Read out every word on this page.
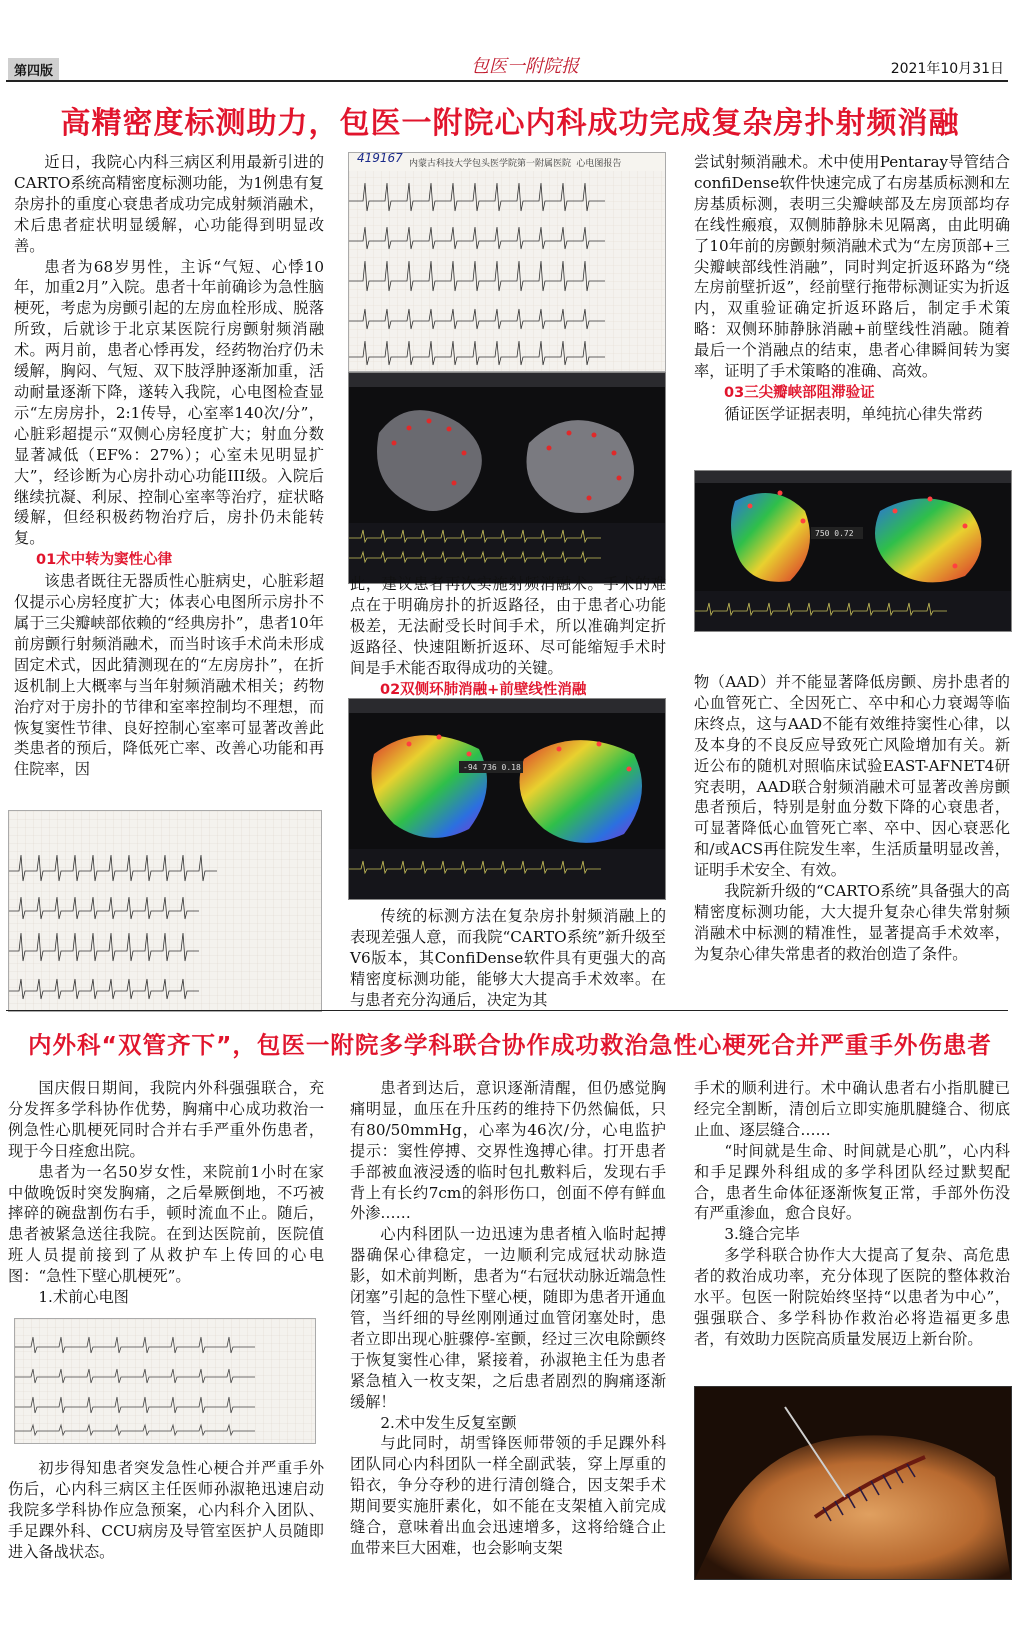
第四版	包医一附院报	2021年10月31日
高精密度标测助力，包医一附院心内科成功完成复杂房扑射频消融

近日，我院心内科三病区利用最新引进的CARTO系统高精密度标测功能，为1例患有复杂房扑的重度心衰患者成功完成射频消融术，术后患者症状明显缓解，心功能得到明显改善。

患者为68岁男性，主诉“气短、心悸10年，加重2月”入院。患者十年前确诊为急性脑梗死，考虑为房颤引起的左房血栓形成、脱落所致，后就诊于北京某医院行房颤射频消融术。两月前，患者心悸再发，经药物治疗仍未缓解，胸闷、气短、双下肢浮肿逐渐加重，活动耐量逐渐下降，遂转入我院，心电图检查显示“左房房扑，2:1传导，心室率140次/分”，心脏彩超提示“双侧心房轻度扩大；射血分数显著减低（EF%：27%）；心室未见明显扩大”，经诊断为心房扑动心功能III级。入院后继续抗凝、利尿、控制心室率等治疗，症状略缓解，但经积极药物治疗后，房扑仍未能转复。

01术中转为窦性心律

该患者既往无器质性心脏病史，心脏彩超仅提示心房轻度扩大；体表心电图所示房扑不属于三尖瓣峡部依赖的“经典房扑”，患者10年前房颤行射频消融术，而当时该手术尚未形成固定术式，因此猜测现在的“左房房扑”，在折返机制上大概率与当年射频消融术相关；药物治疗对于房扑的节律和室率控制均不理想，而恢复窦性节律、良好控制心室率可显著改善此类患者的预后，降低死亡率、改善心功能和再住院率，因

内蒙古科技大学包头医学院第一附属医院 心电图报告
419167

此，建议患者再次实施射频消融术。手术的难点在于明确房扑的折返路径，由于患者心功能极差，无法耐受长时间手术，所以准确判定折返路径、快速阻断折返环、尽可能缩短手术时间是手术能否取得成功的关键。

02双侧环肺消融+前壁线性消融
-94 736 0.18

传统的标测方法在复杂房扑射频消融上的表现差强人意，而我院“CARTO系统”新升级至V6版本，其ConfiDense软件具有更强大的高精密度标测功能，能够大大提高手术效率。在与患者充分沟通后，决定为其

尝试射频消融术。术中使用Pentaray导管结合confiDense软件快速完成了右房基质标测和左房基质标测，表明三尖瓣峡部及左房顶部均存在线性瘢痕，双侧肺静脉未见隔离，由此明确了10年前的房颤射频消融术式为“左房顶部+三尖瓣峡部线性消融”，同时判定折返环路为“绕左房前壁折返”，经前壁行拖带标测证实为折返内，双重验证确定折返环路后，制定手术策略：双侧环肺静脉消融+前壁线性消融。随着最后一个消融点的结束，患者心律瞬间转为窦率，证明了手术策略的准确、高效。

03三尖瓣峡部阻滞验证

循证医学证据表明，单纯抗心律失常药

750 0.72

物（AAD）并不能显著降低房颤、房扑患者的心血管死亡、全因死亡、卒中和心力衰竭等临床终点，这与AAD不能有效维持窦性心律，以及本身的不良反应导致死亡风险增加有关。新近公布的随机对照临床试验EAST-AFNET4研究表明，AAD联合射频消融术可显著改善房颤患者预后，特别是射血分数下降的心衰患者，可显著降低心血管死亡率、卒中、因心衰恶化和/或ACS再住院发生率，生活质量明显改善，证明手术安全、有效。

我院新升级的“CARTO系统”具备强大的高精密度标测功能，大大提升复杂心律失常射频消融术中标测的精准性，显著提高手术效率，为复杂心律失常患者的救治创造了条件。

内外科“双管齐下”，包医一附院多学科联合协作成功救治急性心梗死合并严重手外伤患者

国庆假日期间，我院内外科强强联合，充分发挥多学科协作优势，胸痛中心成功救治一例急性心肌梗死同时合并右手严重外伤患者，现于今日痊愈出院。

患者为一名50岁女性，来院前1小时在家中做晚饭时突发胸痛，之后晕厥倒地，不巧被摔碎的碗盘割伤右手，顿时流血不止。随后，患者被紧急送往我院。在到达医院前，医院值班人员提前接到了从救护车上传回的心电图：“急性下壁心肌梗死”。

1.术前心电图

初步得知患者突发急性心梗合并严重手外伤后，心内科三病区主任医师孙淑艳迅速启动我院多学科协作应急预案，心内科介入团队、手足踝外科、CCU病房及导管室医护人员随即进入备战状态。

患者到达后，意识逐渐清醒，但仍感觉胸痛明显，血压在升压药的维持下仍然偏低，只有80/50mmHg，心率为46次/分，心电监护提示：窦性停搏、交界性逸搏心律。打开患者手部被血液浸透的临时包扎敷料后，发现右手背上有长约7cm的斜形伤口，创面不停有鲜血外渗……

心内科团队一边迅速为患者植入临时起搏器确保心律稳定，一边顺利完成冠状动脉造影，如术前判断，患者为“右冠状动脉近端急性闭塞”引起的急性下壁心梗，随即为患者开通血管，当纤细的导丝刚刚通过血管闭塞处时，患者立即出现心脏骤停-室颤，经过三次电除颤终于恢复窦性心律，紧接着，孙淑艳主任为患者紧急植入一枚支架，之后患者剧烈的胸痛逐渐缓解！

2.术中发生反复室颤

与此同时，胡雪锋医师带领的手足踝外科团队同心内科团队一样全副武装，穿上厚重的铅衣，争分夺秒的进行清创缝合，因支架手术期间要实施肝素化，如不能在支架植入前完成缝合，意味着出血会迅速增多，这将给缝合止血带来巨大困难，也会影响支架

手术的顺利进行。术中确认患者右小指肌腱已经完全割断，清创后立即实施肌腱缝合、彻底止血、逐层缝合……

“时间就是生命、时间就是心肌”，心内科和手足踝外科组成的多学科团队经过默契配合，患者生命体征逐渐恢复正常，手部外伤没有严重渗血，愈合良好。

3.缝合完毕

多学科联合协作大大提高了复杂、高危患者的救治成功率，充分体现了医院的整体救治水平。包医一附院始终坚持“以患者为中心”，强强联合、多学科协作救治必将造福更多患者，有效助力医院高质量发展迈上新台阶。
